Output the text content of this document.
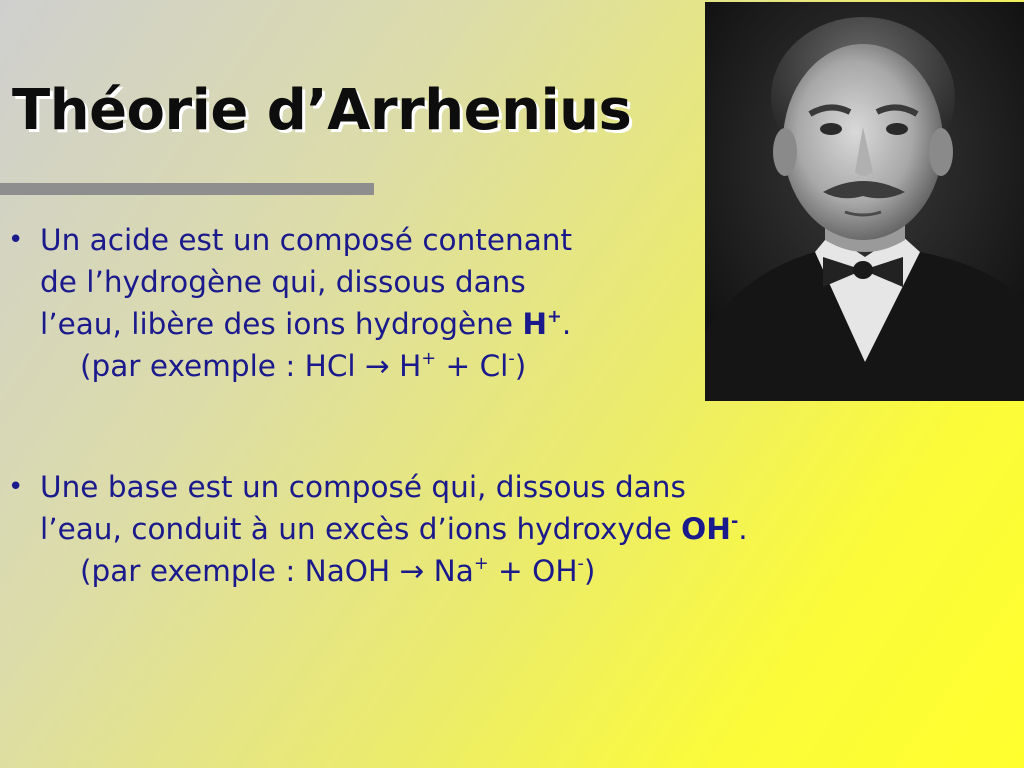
Théorie d’Arrhenius
• Un acide est un composé contenant
de l’hydrogène qui, dissous dans
l’eau, libère des ions hydrogène H+.
(par exemple : HCl → H+ + Cl-)
• Une base est un composé qui, dissous dans
l’eau, conduit à un excès d’ions hydroxyde OH-.
(par exemple : NaOH → Na+ + OH-)
